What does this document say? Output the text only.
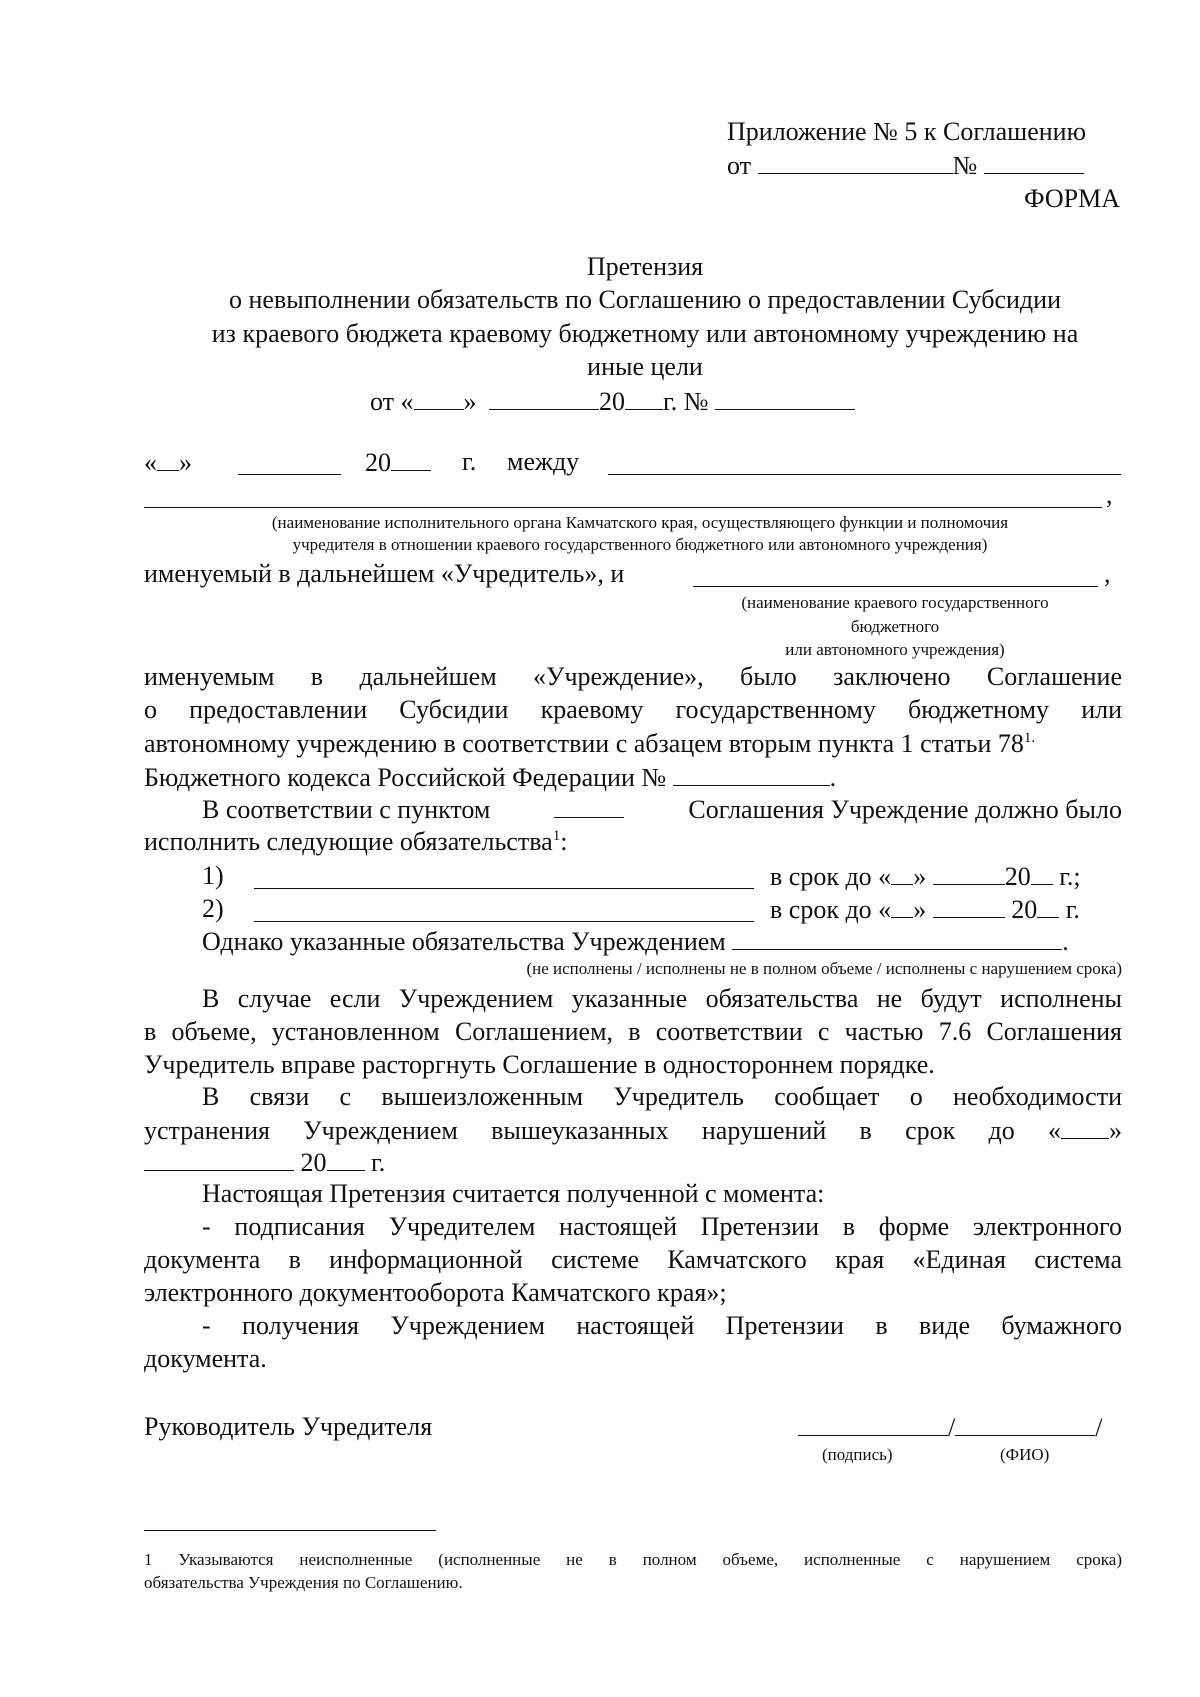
Приложение № 5 к Соглашению
от	№
ФОРМА
Претензия
о невыполнении обязательств по Соглашению о предоставлении Субсидии
из краевого бюджета краевому бюджетному или автономному учреждению на
иные цели
от « »	20 г. №
« »	20	г. между
,
(наименование исполнительного органа Камчатского края, осуществляющего функции и полномочия
учредителя в отношении краевого государственного бюджетного или автономного учреждения)
именуемый в дальнейшем «Учредитель», и	,
(наименование краевого государственного
бюджетного
или автономного учреждения)
именуемым в дальнейшем «Учреждение», было заключено Соглашение
о предоставлении Субсидии краевому государственному бюджетному или
автономному учреждению в соответствии с абзацем вторым пункта 1 статьи $78^{1.}$
Бюджетного кодекса Российской Федерации №	.
В соответствии с пунктом	Соглашения Учреждение должно было
исполнить следующие обязательства$^1$:
1)	в срок до « »	20 г.;
2)	в срок до « »	20 г.
Однако указанные обязательства Учреждением	.
(не исполнены / исполнены не в полном объеме / исполнены с нарушением срока)
В случае если Учреждением указанные обязательства не будут исполнены
в объеме, установленном Соглашением, в соответствии с частью 7.6 Соглашения
Учредитель вправе расторгнуть Соглашение в одностороннем порядке.
В связи с вышеизложенным Учредитель сообщает о необходимости
устранения Учреждением вышеуказанных нарушений в срок до « »
20 г.
Настоящая Претензия считается полученной с момента:
- подписания Учредителем настоящей Претензии в форме электронного
документа в информационной системе Камчатского края «Единая система
электронного документооборота Камчатского края»;
- получения Учреждением настоящей Претензии в виде бумажного
документа.
Руководитель Учредителя	/	/
(подпись)	(ФИО)
1 Указываются неисполненные (исполненные не в полном объеме, исполненные с нарушением срока)
обязательства Учреждения по Соглашению.
